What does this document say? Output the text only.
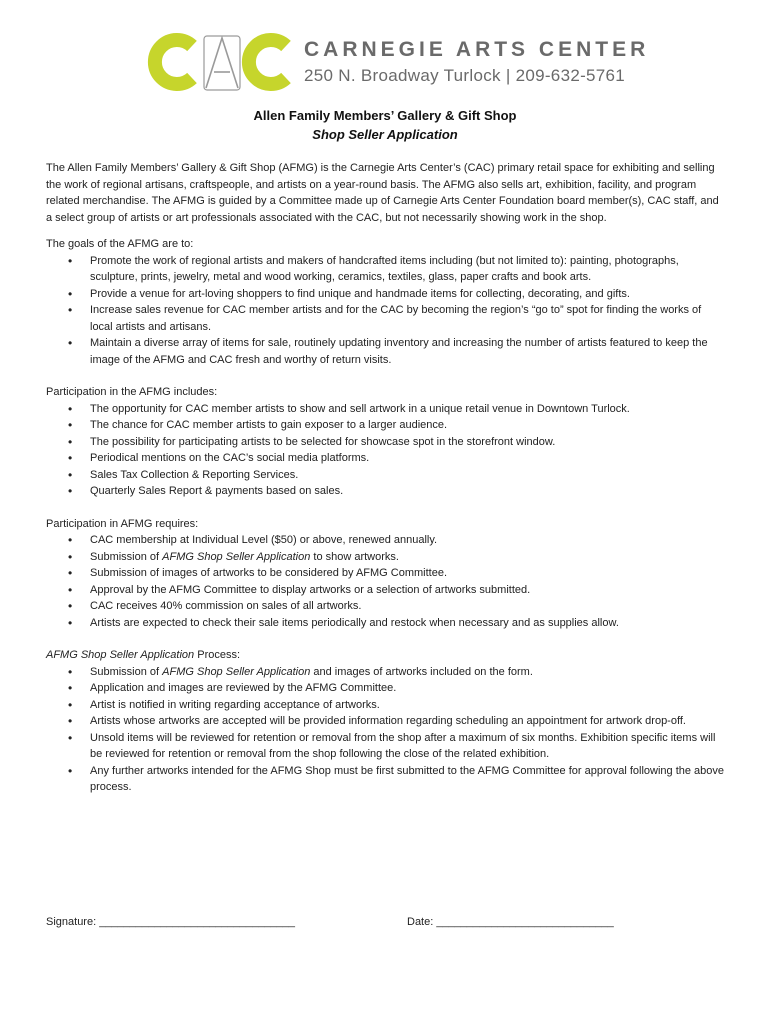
CARNEGIE ARTS CENTER
250 N. Broadway Turlock | 209-632-5761
Allen Family Members’ Gallery & Gift Shop
Shop Seller Application

The Allen Family Members’ Gallery & Gift Shop (AFMG) is the Carnegie Arts Center’s (CAC) primary retail space for exhibiting and selling the work of regional artisans, craftspeople, and artists on a year-round basis. The AFMG also sells art, exhibition, facility, and program related merchandise. The AFMG is guided by a Committee made up of Carnegie Arts Center Foundation board member(s), CAC staff, and a select group of artists or art professionals associated with the CAC, but not necessarily showing work in the shop.

The goals of the AFMG are to:

• Promote the work of regional artists and makers of handcrafted items including (but not limited to): painting, photographs, sculpture, prints, jewelry, metal and wood working, ceramics, textiles, glass, paper crafts and book arts.
• Provide a venue for art-loving shoppers to find unique and handmade items for collecting, decorating, and gifts.
• Increase sales revenue for CAC member artists and for the CAC by becoming the region’s “go to” spot for finding the works of local artists and artisans.
• Maintain a diverse array of items for sale, routinely updating inventory and increasing the number of artists featured to keep the image of the AFMG and CAC fresh and worthy of return visits.

Participation in the AFMG includes:

• The opportunity for CAC member artists to show and sell artwork in a unique retail venue in Downtown Turlock.
• The chance for CAC member artists to gain exposer to a larger audience.
• The possibility for participating artists to be selected for showcase spot in the storefront window.
• Periodical mentions on the CAC’s social media platforms.
• Sales Tax Collection & Reporting Services.
• Quarterly Sales Report & payments based on sales.

Participation in AFMG requires:

• CAC membership at Individual Level ($50) or above, renewed annually.
• Submission of AFMG Shop Seller Application to show artworks.
• Submission of images of artworks to be considered by AFMG Committee.
• Approval by the AFMG Committee to display artworks or a selection of artworks submitted.
• CAC receives 40% commission on sales of all artworks.
• Artists are expected to check their sale items periodically and restock when necessary and as supplies allow.

AFMG Shop Seller Application Process:

• Submission of AFMG Shop Seller Application and images of artworks included on the form.
• Application and images are reviewed by the AFMG Committee.
• Artist is notified in writing regarding acceptance of artworks.
• Artists whose artworks are accepted will be provided information regarding scheduling an appointment for artwork drop-off.
• Unsold items will be reviewed for retention or removal from the shop after a maximum of six months. Exhibition specific items will be reviewed for retention or removal from the shop following the close of the related exhibition.
• Any further artworks intended for the AFMG Shop must be first submitted to the AFMG Committee for approval following the above process.
Signature: ________________________________	Date: _____________________________
